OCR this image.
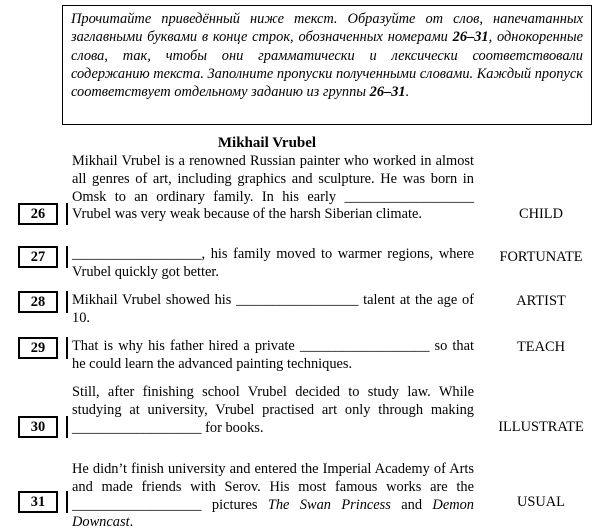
Прочитайте приведённый ниже текст. Образуйте от слов, напечатанных заглавными буквами в конце строк, обозначенных номерами 26–31, однокоренные слова, так, чтобы они грамматически и лексически соответствовали содержанию текста. Заполните пропуски полученными словами. Каждый пропуск соответствует отдельному заданию из группы 26–31.
Mikhail Vrubel
Mikhail Vrubel is a renowned Russian painter who worked in almost all genres of art, including graphics and sculpture. He was born in Omsk to an ordinary family. In his early __________________ Vrubel was very weak because of the harsh Siberian climate.
26	CHILD
__________________, his family moved to warmer regions, where Vrubel quickly got better.
27	FORTUNATE
Mikhail Vrubel showed his _________________ talent at the age of 10.
28	ARTIST
That is why his father hired a private __________________ so that he could learn the advanced painting techniques.
29	TEACH
Still, after finishing school Vrubel decided to study law. While studying at university, Vrubel practised art only through making __________________ for books.
30	ILLUSTRATE
He didn’t finish university and entered the Imperial Academy of Arts and made friends with Serov. His most famous works are the __________________ pictures The Swan Princess and Demon Downcast.
31	USUAL
